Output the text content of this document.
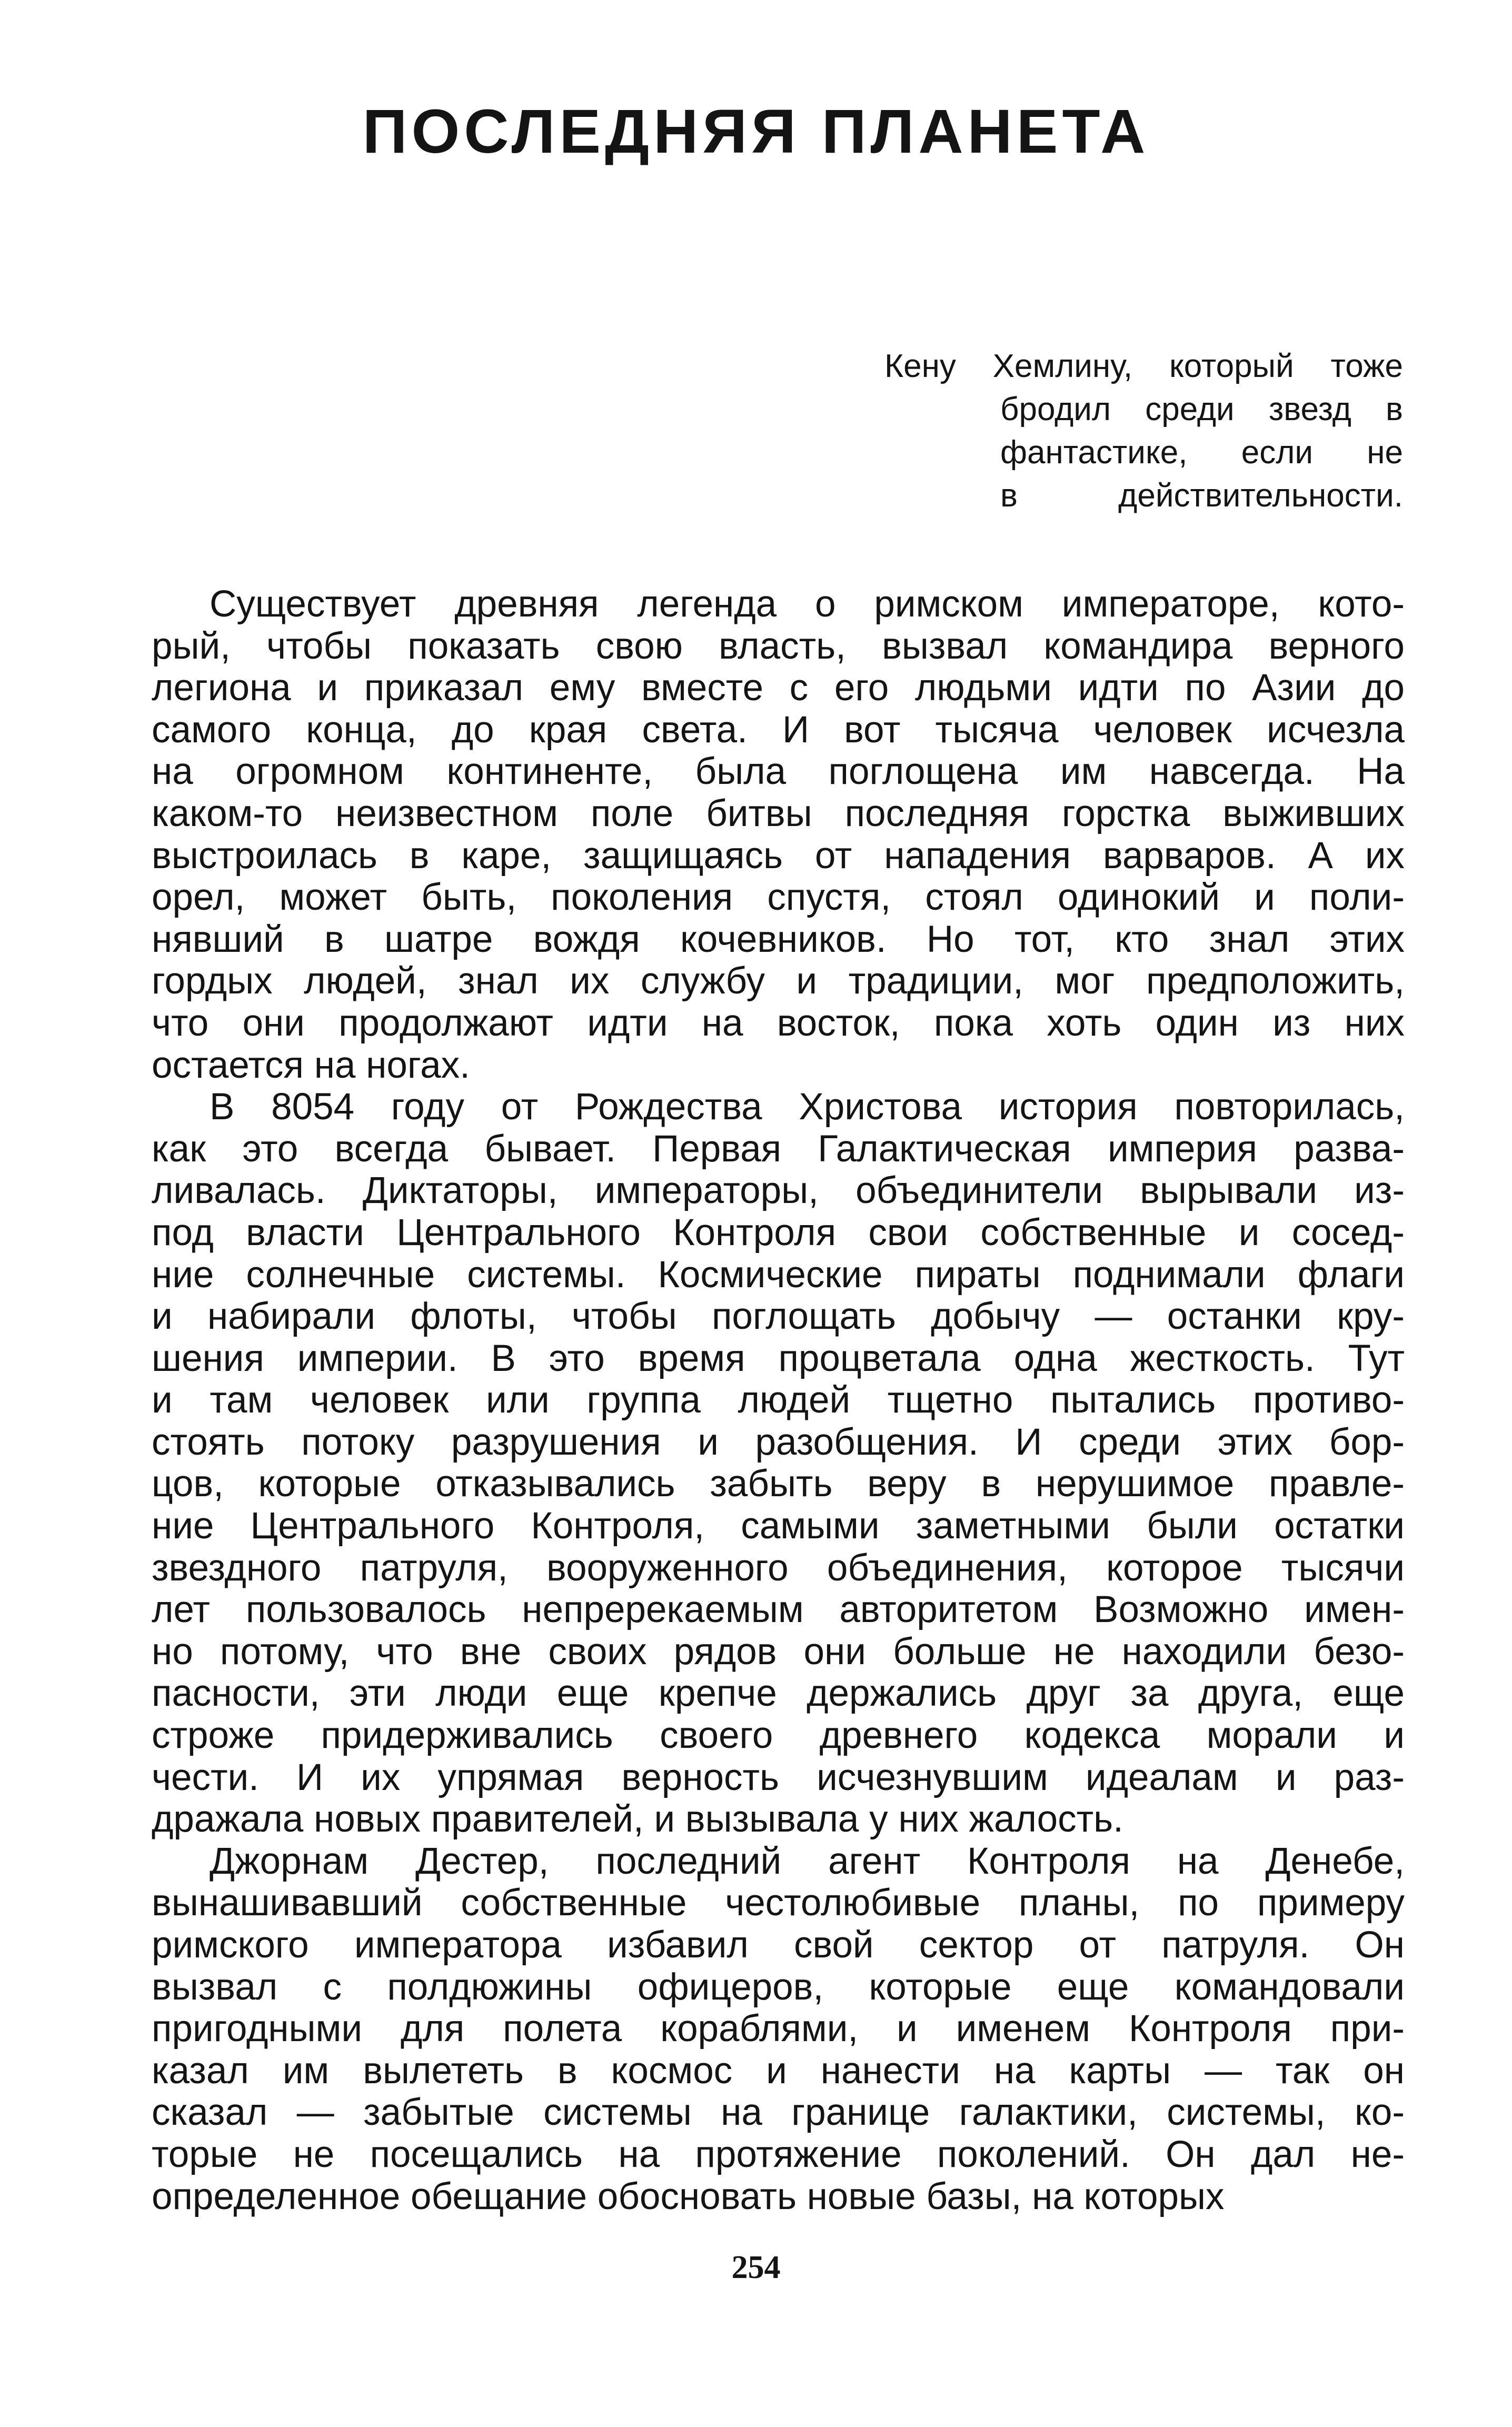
ПОСЛЕДНЯЯ ПЛАНЕТА
Кену Хемлину, который тоже
бродил среди звезд в
фантастике, если не
в действительности.
Существует древняя легенда о римском императоре, кото-
рый, чтобы показать свою власть, вызвал командира верного
легиона и приказал ему вместе с его людьми идти по Азии до
самого конца, до края света. И вот тысяча человек исчезла
на огромном континенте, была поглощена им навсегда. На
каком-то неизвестном поле битвы последняя горстка выживших
выстроилась в каре, защищаясь от нападения варваров. А их
орел, может быть, поколения спустя, стоял одинокий и поли-
нявший в шатре вождя кочевников. Но тот, кто знал этих
гордых людей, знал их службу и традиции, мог предположить,
что они продолжают идти на восток, пока хоть один из них
остается на ногах.
В 8054 году от Рождества Христова история повторилась,
как это всегда бывает. Первая Галактическая империя разва-
ливалась. Диктаторы, императоры, объединители вырывали из-
под власти Центрального Контроля свои собственные и сосед-
ние солнечные системы. Космические пираты поднимали флаги
и набирали флоты, чтобы поглощать добычу — останки кру-
шения империи. В это время процветала одна жесткость. Тут
и там человек или группа людей тщетно пытались противо-
стоять потоку разрушения и разобщения. И среди этих бор-
цов, которые отказывались забыть веру в нерушимое правле-
ние Центрального Контроля, самыми заметными были остатки
звездного патруля, вооруженного объединения, которое тысячи
лет пользовалось непререкаемым авторитетом Возможно имен-
но потому, что вне своих рядов они больше не находили безо-
пасности, эти люди еще крепче держались друг за друга, еще
строже придерживались своего древнего кодекса морали и
чести. И их упрямая верность исчезнувшим идеалам и раз-
дражала новых правителей, и вызывала у них жалость.
Джорнам Дестер, последний агент Контроля на Денебе,
вынашивавший собственные честолюбивые планы, по примеру
римского императора избавил свой сектор от патруля. Он
вызвал с полдюжины офицеров, которые еще командовали
пригодными для полета кораблями, и именем Контроля при-
казал им вылететь в космос и нанести на карты — так он
сказал — забытые системы на границе галактики, системы, ко-
торые не посещались на протяжение поколений. Он дал не-
определенное обещание обосновать новые базы, на которых
254
